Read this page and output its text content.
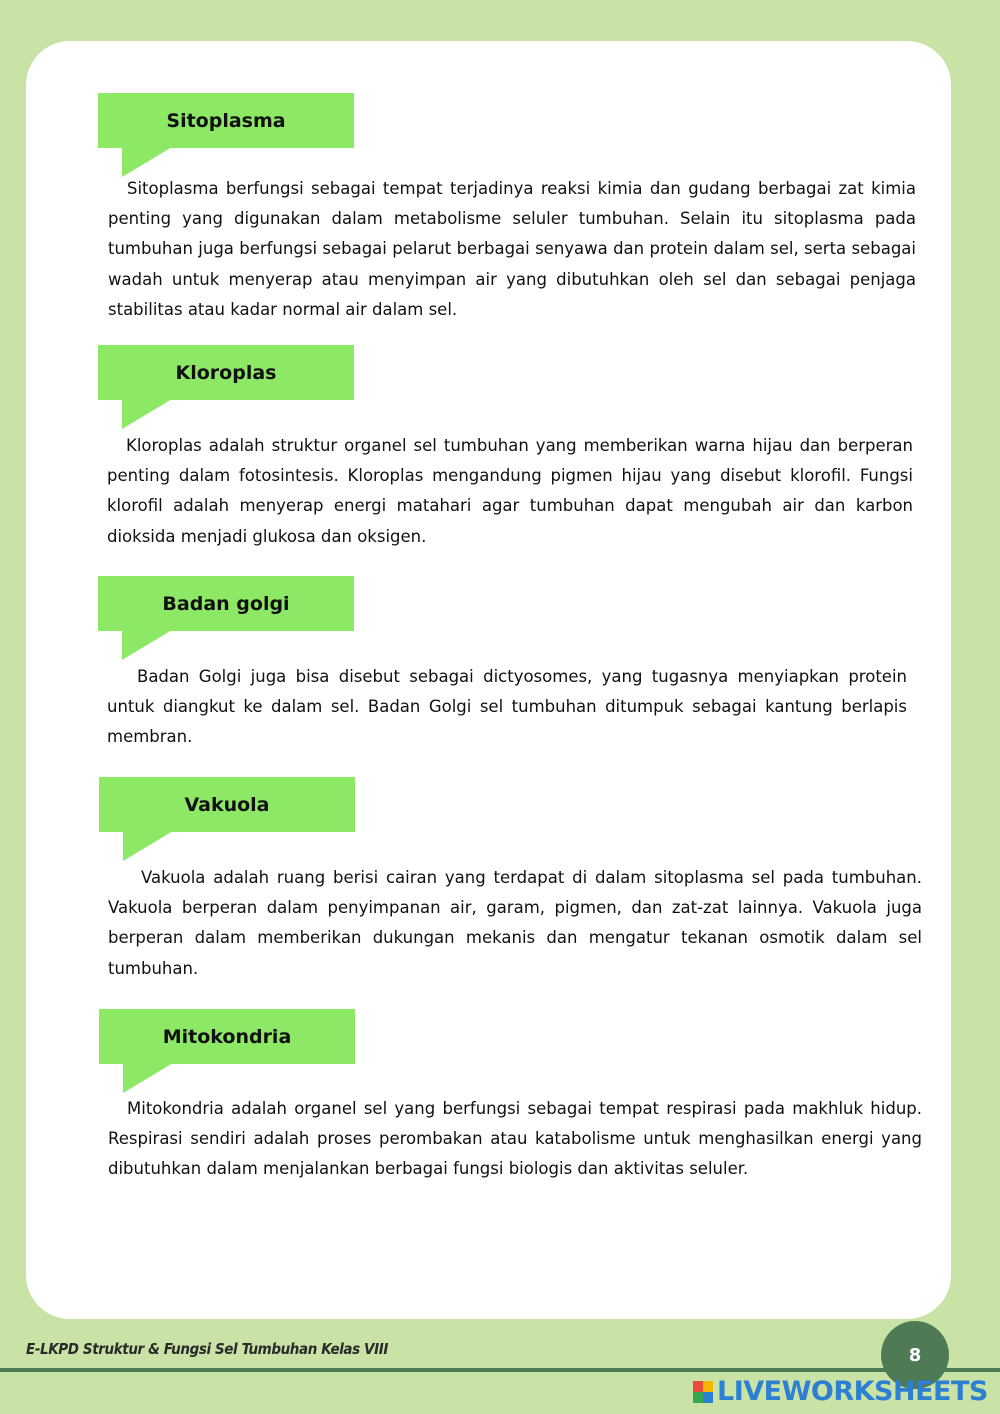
Sitoplasma

Sitoplasma berfungsi sebagai tempat terjadinya reaksi kimia dan gudang berbagai zat kimia penting yang digunakan dalam metabolisme seluler tumbuhan. Selain itu sitoplasma pada tumbuhan juga berfungsi sebagai pelarut berbagai senyawa dan protein dalam sel, serta sebagai wadah untuk menyerap atau menyimpan air yang dibutuhkan oleh sel dan sebagai penjaga stabilitas atau kadar normal air dalam sel.

Kloroplas

Kloroplas adalah struktur organel sel tumbuhan yang memberikan warna hijau dan berperan penting dalam fotosintesis. Kloroplas mengandung pigmen hijau yang disebut klorofil. Fungsi klorofil adalah menyerap energi matahari agar tumbuhan dapat mengubah air dan karbon dioksida menjadi glukosa dan oksigen.

Badan golgi

Badan Golgi juga bisa disebut sebagai dictyosomes, yang tugasnya menyiapkan protein untuk diangkut ke dalam sel. Badan Golgi sel tumbuhan ditumpuk sebagai kantung berlapis membran.

Vakuola

Vakuola adalah ruang berisi cairan yang terdapat di dalam sitoplasma sel pada tumbuhan. Vakuola berperan dalam penyimpanan air, garam, pigmen, dan zat-zat lainnya. Vakuola juga berperan dalam memberikan dukungan mekanis dan mengatur tekanan osmotik dalam sel tumbuhan.

Mitokondria

Mitokondria adalah organel sel yang berfungsi sebagai tempat respirasi pada makhluk hidup. Respirasi sendiri adalah proses perombakan atau katabolisme untuk menghasilkan energi yang dibutuhkan dalam menjalankan berbagai fungsi biologis dan aktivitas seluler.

E-LKPD Struktur & Fungsi Sel Tumbuhan Kelas VIII	8
LIVEWORKSHEETS
